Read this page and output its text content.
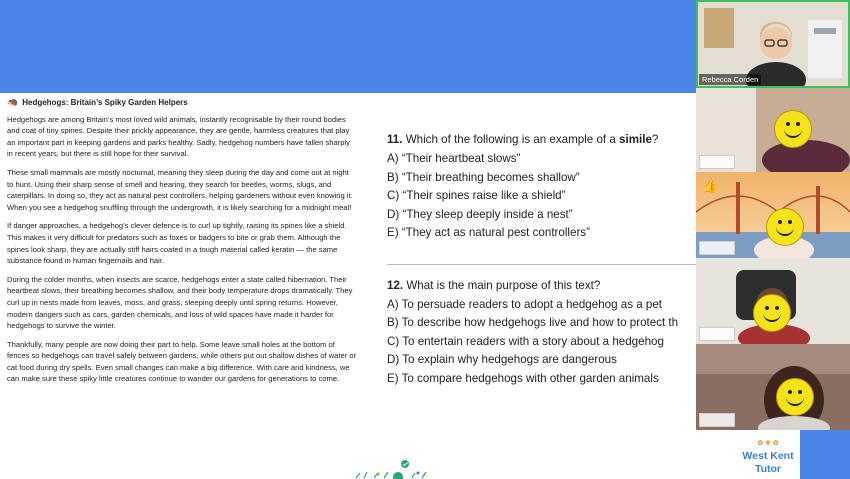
🦔 Hedgehogs: Britain’s Spiky Garden Helpers

Hedgehogs are among Britain’s most loved wild animals, instantly recognisable by their round bodies and coat of tiny spines. Despite their prickly appearance, they are gentle, harmless creatures that play an important part in keeping gardens and parks healthy. Sadly, hedgehog numbers have fallen sharply in recent years, but there is still hope for their survival.

These small mammals are mostly nocturnal, meaning they sleep during the day and come out at night to hunt. Using their sharp sense of smell and hearing, they search for beetles, worms, slugs, and caterpillars. In doing so, they act as natural pest controllers, helping gardeners without even knowing it. When you see a hedgehog snuffling through the undergrowth, it is likely searching for a midnight meal!

If danger approaches, a hedgehog’s clever defence is to curl up tightly, raising its spines like a shield. This makes it very difficult for predators such as foxes or badgers to bite or grab them. Although the spines look sharp, they are actually stiff hairs coated in a tough material called keratin — the same substance found in human fingernails and hair.

During the colder months, when insects are scarce, hedgehogs enter a state called hibernation. Their heartbeat slows, their breathing becomes shallow, and their body temperature drops dramatically. They curl up in nests made from leaves, moss, and grass, sleeping deeply until spring returns. However, modern dangers such as cars, garden chemicals, and loss of wild spaces have made it harder for hedgehogs to survive the winter.

Thankfully, many people are now doing their part to help. Some leave small holes at the bottom of fences so hedgehogs can travel safely between gardens, while others put out shallow dishes of water or cat food during dry spells. Even small changes can make a big difference. With care and kindness, we can make sure these spiky little creatures continue to wander our gardens for generations to come.

11. Which of the following is an example of a simile?
A) “Their heartbeat slows”
B) “Their breathing becomes shallow”
C) “Their spines raise like a shield”
D) “They sleep deeply inside a nest”
E) “They act as natural pest controllers”
12. What is the main purpose of this text?
A) To persuade readers to adopt a hedgehog as a pet
B) To describe how hedgehogs live and how to protect th
C) To entertain readers with a story about a hedgehog
D) To explain why hedgehogs are dangerous
E) To compare hedgehogs with other garden animals
Rebecca Corden
👍
✿ ❀ ✿
West Kent
Tutor
